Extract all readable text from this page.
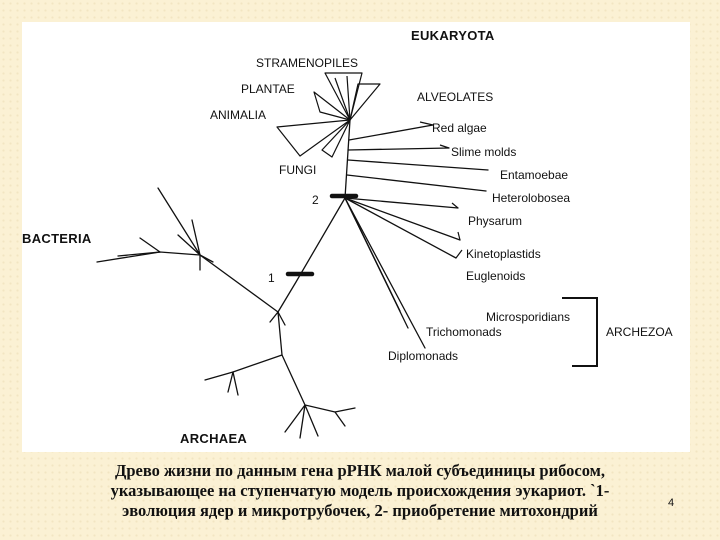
EUKARYOTA
BACTERIA
ARCHAEA
ARCHEZOA
STRAMENOPILES
PLANTAE
ANIMALIA
FUNGI
ALVEOLATES
Red algae
Slime molds
Entamoebae
Heterolobosea
Physarum
Kinetoplastids
Euglenoids
Microsporidians
Trichomonads
Diplomonads
2
1
Древо жизни по данным гена рРНК малой субъединицы рибосом,
указывающее на ступенчатую модель происхождения эукариот. `1-
эволюция ядер и микротрубочек, 2- приобретение митохондрий	4
